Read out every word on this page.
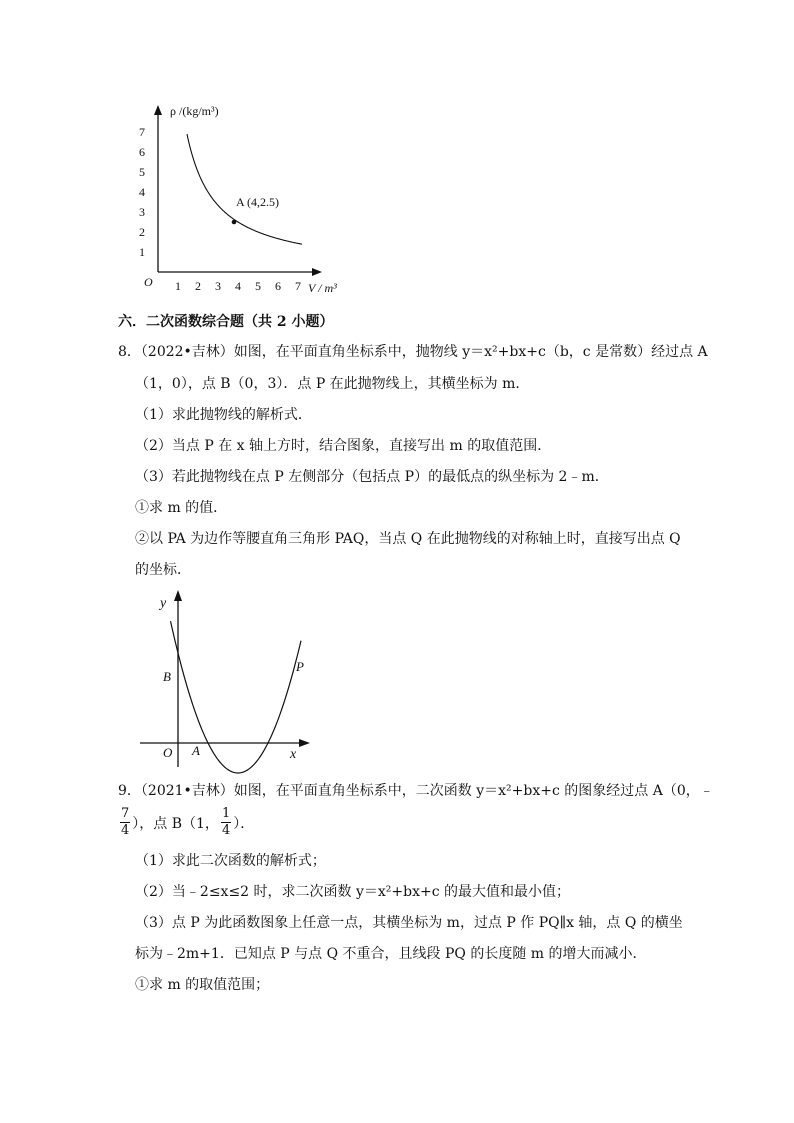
ρ /(kg/m³)
V / m³
O
1
2
3
4
5
6
7
1 2 3 4 5 6 7
A (4,2.5)
六．二次函数综合题（共 2 小题）
8．（2022•吉林）如图，在平面直角坐标系中，抛物线 y＝x²+bx+c（b，c 是常数）经过点 A
（1，0），点 B（0，3）．点 P 在此抛物线上，其横坐标为 m．
（1）求此抛物线的解析式．
（2）当点 P 在 x 轴上方时，结合图象，直接写出 m 的取值范围．
（3）若此抛物线在点 P 左侧部分（包括点 P）的最低点的纵坐标为 2﹣m．
①求 m 的值．
②以 PA 为边作等腰直角三角形 PAQ，当点 Q 在此抛物线的对称轴上时，直接写出点 Q
的坐标．
y
x
O A
B
P
9．（2021•吉林）如图，在平面直角坐标系中，二次函数 y＝x²+bx+c 的图象经过点 A（0，﹣
$\frac{7}{4}$ ），点 B（1， $\frac{1}{4}$ ）．
（1）求此二次函数的解析式；
（2）当﹣2≤x≤2 时，求二次函数 y＝x²+bx+c 的最大值和最小值；
（3）点 P 为此函数图象上任意一点，其横坐标为 m，过点 P 作 PQ∥x 轴，点 Q 的横坐
标为﹣2m+1．已知点 P 与点 Q 不重合，且线段 PQ 的长度随 m 的增大而减小．
①求 m 的取值范围；
